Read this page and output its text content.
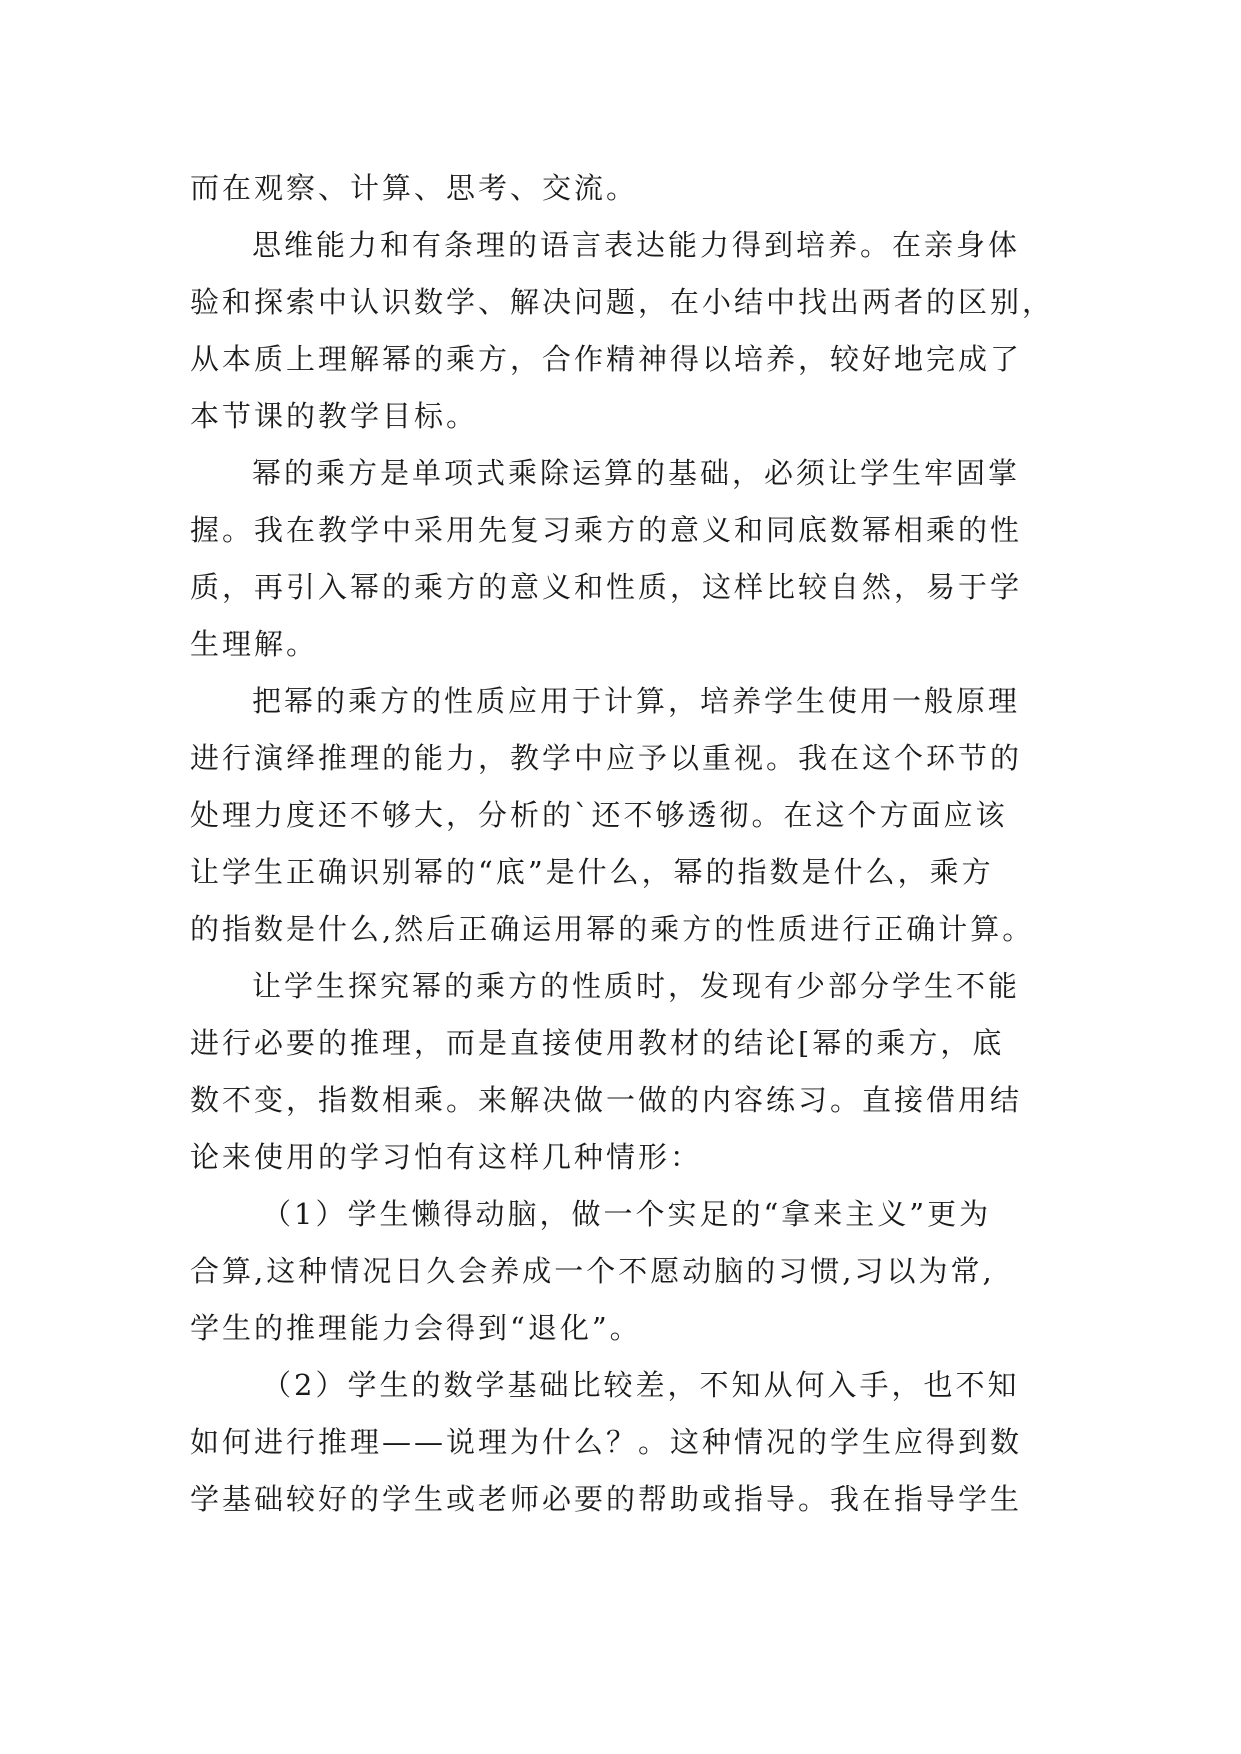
而在观察、计算、思考、交流。
思维能力和有条理的语言表达能力得到培养。在亲身体
验和探索中认识数学、解决问题，在小结中找出两者的区别，
从本质上理解幂的乘方，合作精神得以培养，较好地完成了
本节课的教学目标。
幂的乘方是单项式乘除运算的基础，必须让学生牢固掌
握。我在教学中采用先复习乘方的意义和同底数幂相乘的性
质，再引入幂的乘方的意义和性质，这样比较自然，易于学
生理解。
把幂的乘方的性质应用于计算，培养学生使用一般原理
进行演绎推理的能力，教学中应予以重视。我在这个环节的
处理力度还不够大，分析的`还不够透彻。在这个方面应该
让学生正确识别幂的“底”是什么，幂的指数是什么，乘方
的指数是什么,然后正确运用幂的乘方的性质进行正确计算。
让学生探究幂的乘方的性质时，发现有少部分学生不能
进行必要的推理，而是直接使用教材的结论[幂的乘方，底
数不变，指数相乘。来解决做一做的内容练习。直接借用结
论来使用的学习怕有这样几种情形：
（1）学生懒得动脑，做一个实足的“拿来主义”更为
合算,这种情况日久会养成一个不愿动脑的习惯,习以为常,
学生的推理能力会得到“退化”。
（2）学生的数学基础比较差，不知从何入手，也不知
如何进行推理——说理为什么？。这种情况的学生应得到数
学基础较好的学生或老师必要的帮助或指导。我在指导学生
